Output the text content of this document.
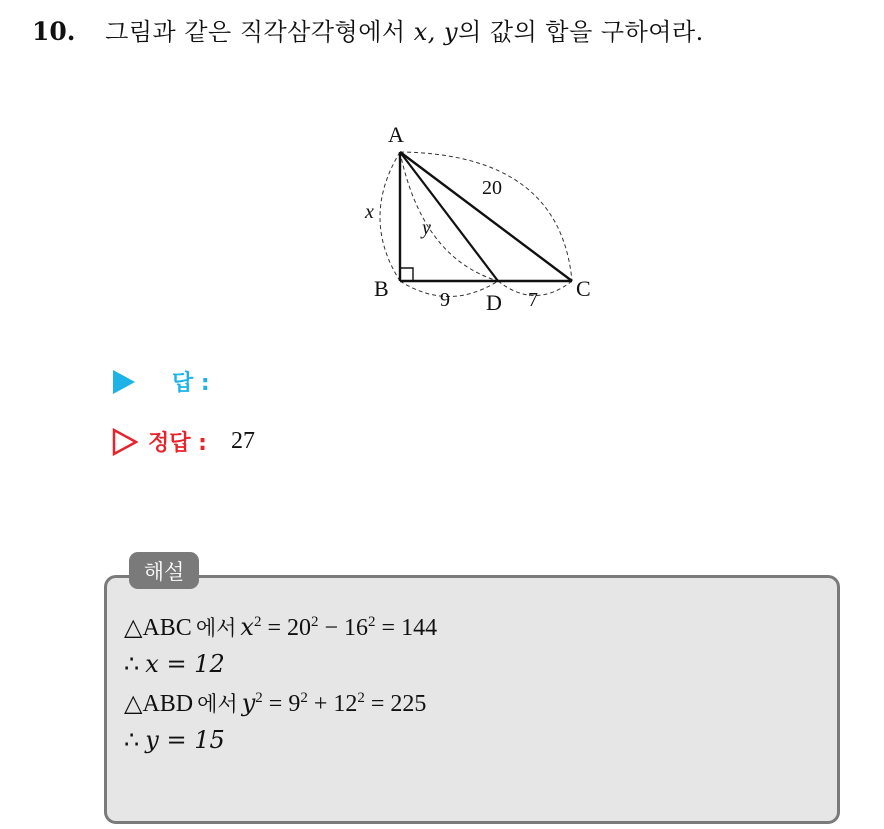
10. 그림과 같은 직각삼각형에서 x, y의 값의 합을 구하여라.
A
B	C
D
20
9	7
x
y
답 :
정답 : 27
해설
△ABC 에서 $x^2 = 20^2 - 16^2 = 144$
∴ x = 12
△ABD 에서 $y^2 = 9^2 + 12^2 = 225$
∴ y = 15
